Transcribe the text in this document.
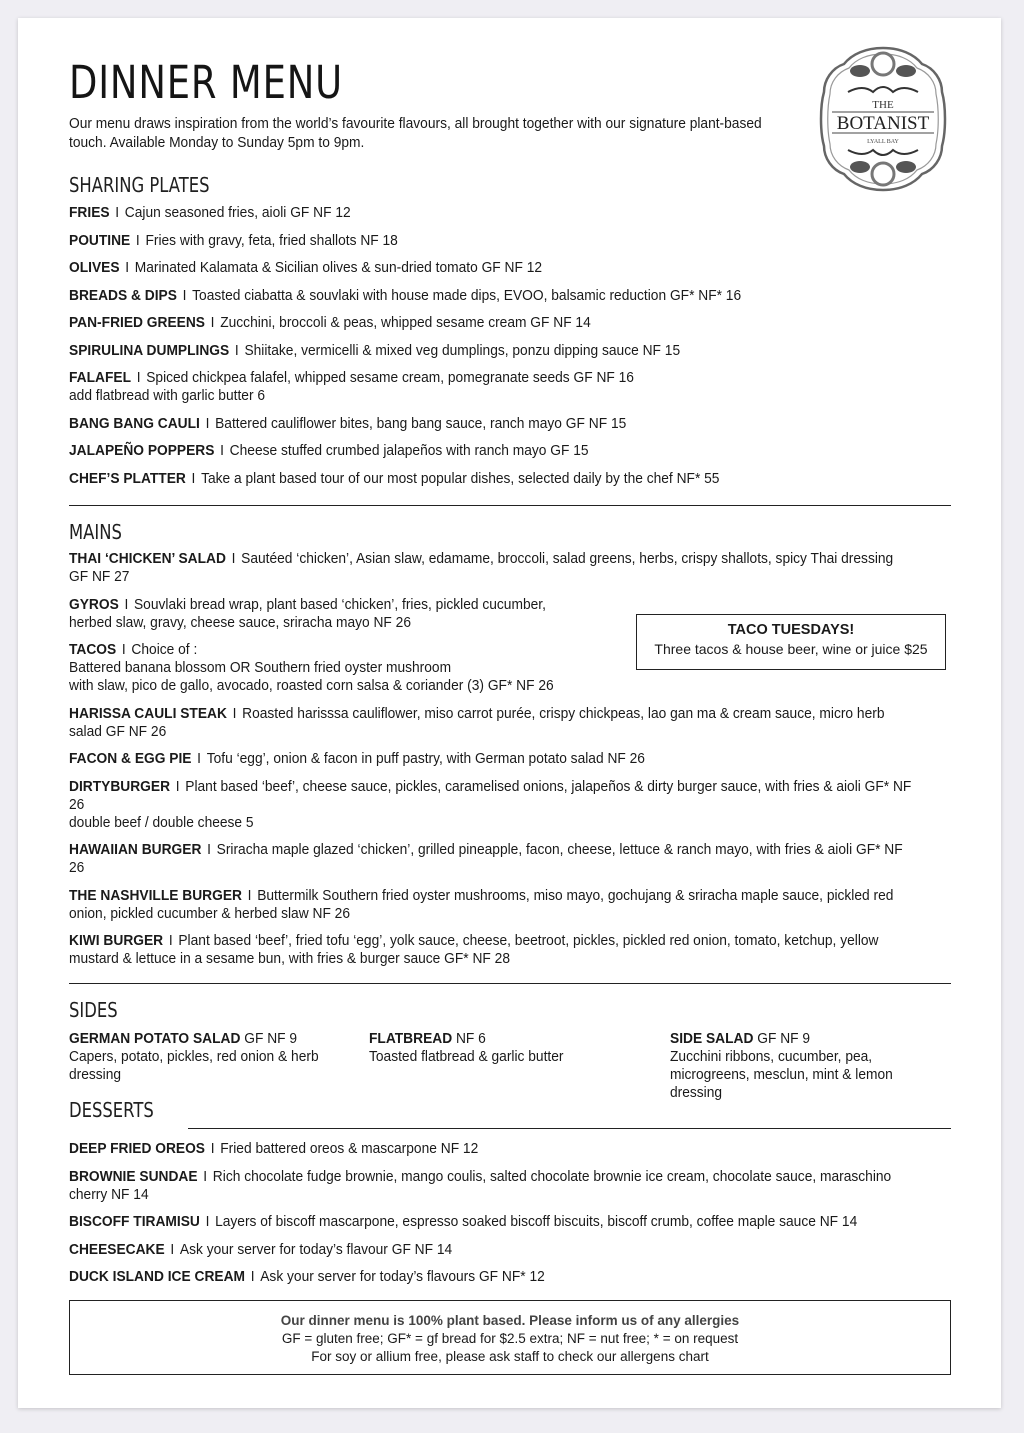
DINNER MENU
Our menu draws inspiration from the world’s favourite flavours, all brought together with our signature plant-based touch. Available Monday to Sunday 5pm to 9pm.
THE
BOTANIST
LYALL BAY
SHARING PLATES
FRIES I Cajun seasoned fries, aioli GF NF 12
POUTINE I Fries with gravy, feta, fried shallots NF 18
OLIVES I Marinated Kalamata & Sicilian olives & sun-dried tomato GF NF 12
BREADS & DIPS I Toasted ciabatta & souvlaki with house made dips, EVOO, balsamic reduction GF* NF* 16
PAN-FRIED GREENS I Zucchini, broccoli & peas, whipped sesame cream GF NF 14
SPIRULINA DUMPLINGS I Shiitake, vermicelli & mixed veg dumplings, ponzu dipping sauce NF 15
FALAFEL I Spiced chickpea falafel, whipped sesame cream, pomegranate seeds GF NF 16
add flatbread with garlic butter 6
BANG BANG CAULI I Battered cauliflower bites, bang bang sauce, ranch mayo GF NF 15
JALAPEÑO POPPERS I Cheese stuffed crumbed jalapeños with ranch mayo GF 15
CHEF’S PLATTER I Take a plant based tour of our most popular dishes, selected daily by the chef NF* 55
MAINS
THAI ‘CHICKEN’ SALAD I Sautéed ‘chicken’, Asian slaw, edamame, broccoli, salad greens, herbs, crispy shallots, spicy Thai dressing GF NF 27
GYROS I Souvlaki bread wrap, plant based ‘chicken’, fries, pickled cucumber,
herbed slaw, gravy, cheese sauce, sriracha mayo NF 26
TACOS I Choice of :
Battered banana blossom OR Southern fried oyster mushroom
with slaw, pico de gallo, avocado, roasted corn salsa & coriander (3) GF* NF 26
HARISSA CAULI STEAK I Roasted harisssa cauliflower, miso carrot purée, crispy chickpeas, lao gan ma & cream sauce, micro herb salad GF NF 26
FACON & EGG PIE I Tofu ‘egg’, onion & facon in puff pastry, with German potato salad NF 26
DIRTYBURGER I Plant based ‘beef’, cheese sauce, pickles, caramelised onions, jalapeños & dirty burger sauce, with fries & aioli GF* NF 26
double beef / double cheese 5
HAWAIIAN BURGER I Sriracha maple glazed ‘chicken’, grilled pineapple, facon, cheese, lettuce & ranch mayo, with fries & aioli GF* NF 26
THE NASHVILLE BURGER I Buttermilk Southern fried oyster mushrooms, miso mayo, gochujang & sriracha maple sauce, pickled red onion, pickled cucumber & herbed slaw NF 26
KIWI BURGER I Plant based ‘beef’, fried tofu ‘egg’, yolk sauce, cheese, beetroot, pickles, pickled red onion, tomato, ketchup, yellow mustard & lettuce in a sesame bun, with fries & burger sauce GF* NF 28
TACO TUESDAYS!
Three tacos & house beer, wine or juice $25
SIDES
GERMAN POTATO SALAD GF NF 9
Capers, potato, pickles, red onion & herb dressing
FLATBREAD NF 6
Toasted flatbread & garlic butter
SIDE SALAD GF NF 9
Zucchini ribbons, cucumber, pea, microgreens, mesclun, mint & lemon dressing
DESSERTS
DEEP FRIED OREOS I Fried battered oreos & mascarpone NF 12
BROWNIE SUNDAE I Rich chocolate fudge brownie, mango coulis, salted chocolate brownie ice cream, chocolate sauce, maraschino cherry NF 14
BISCOFF TIRAMISU I Layers of biscoff mascarpone, espresso soaked biscoff biscuits, biscoff crumb, coffee maple sauce NF 14
CHEESECAKE I Ask your server for today’s flavour GF NF 14
DUCK ISLAND ICE CREAM I Ask your server for today’s flavours GF NF* 12
Our dinner menu is 100% plant based. Please inform us of any allergies
GF = gluten free; GF* = gf bread for $2.5 extra; NF = nut free; * = on request
For soy or allium free, please ask staff to check our allergens chart
